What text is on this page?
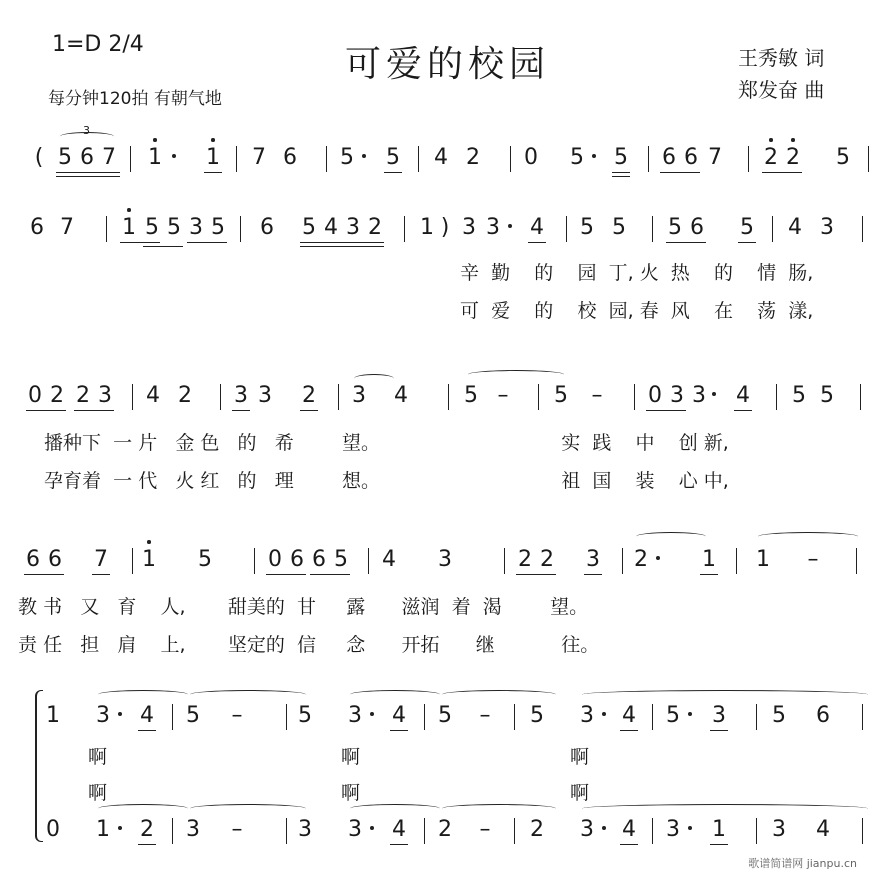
1=D 2/4
每分钟120拍 有朝气地
可爱的校园	王秀敏 词
郑发奋 曲
( 5 6 7
3
1 1 7 6 5 5 4 2 0 5 5 6 6 7 2 2 5
6 7 1 5 5 3 5 6 5 4 3 2 1 ) 3 3 4 5 5 5 6 5 4 3
辛 勤 的 园 丁, 火 热 的 情 肠,
可 爱 的 校 园, 春 风 在 荡 漾,
0 2 2 3 4 2 3 3 2 3 4	5 – 5 – 0 3 3 4 5 5
播种下 一 片 金 色 的 希	望。	实 践 中 创 新,
孕育着 一 代 火 红 的 理	想。	祖 国 装 心 中,
6 6 7 1 5	0 6 6 5 4 3	2 2 3 2 1 1 –
教 书 又 育 人, 甜美的 甘 露 滋润 着 渴	望。
责 任 担 肩 上, 坚定的 信 念 开拓 继	往。
1 3 4 5 –	5 3 4 5 – 5 3 4 5 3 5 6
啊	啊	啊
啊	啊	啊
0 1 2 3 –	3 3 4 2 – 2 3 4 3 1 3 4
歌谱简谱网 jianpu.cn
